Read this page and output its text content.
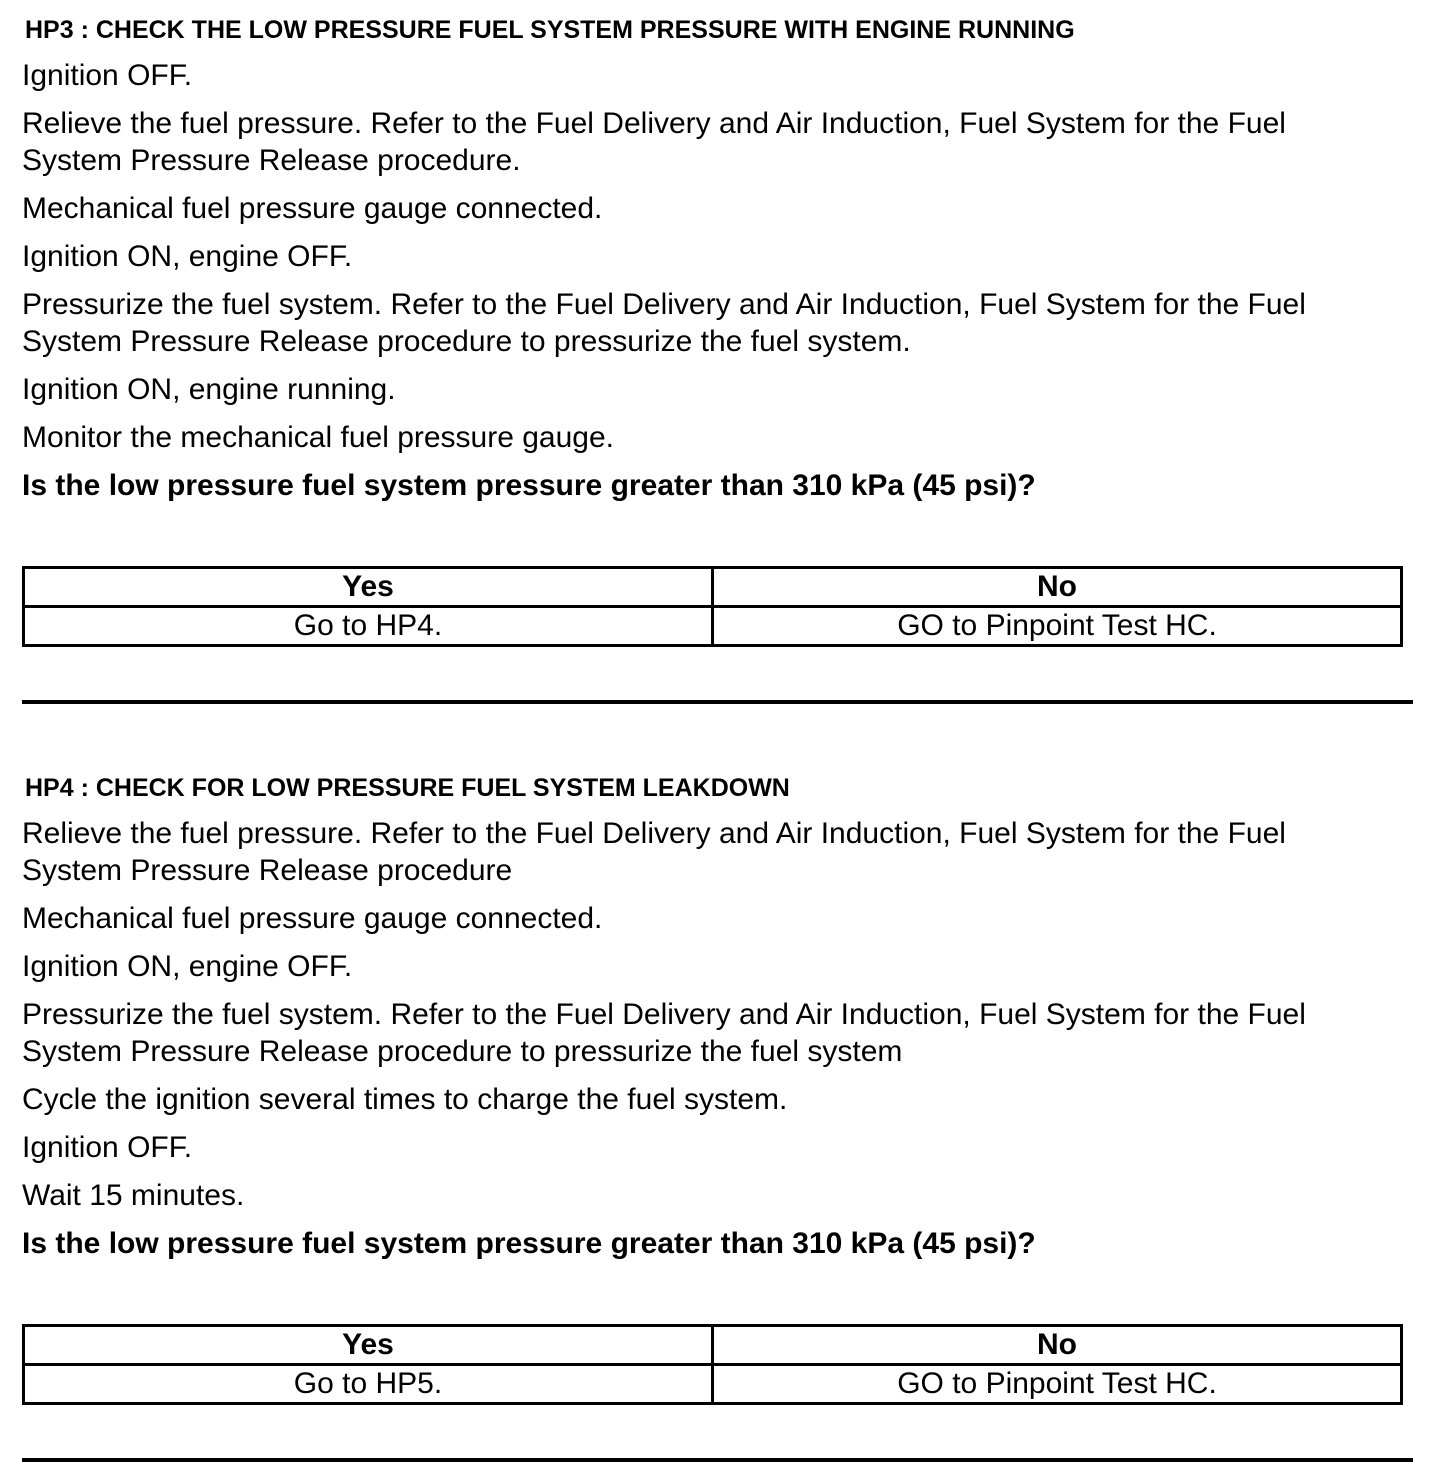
HP3 : CHECK THE LOW PRESSURE FUEL SYSTEM PRESSURE WITH ENGINE RUNNING
Ignition OFF.
Relieve the fuel pressure. Refer to the Fuel Delivery and Air Induction, Fuel System for the Fuel System Pressure Release procedure.
Mechanical fuel pressure gauge connected.
Ignition ON, engine OFF.
Pressurize the fuel system. Refer to the Fuel Delivery and Air Induction, Fuel System for the Fuel System Pressure Release procedure to pressurize the fuel system.
Ignition ON, engine running.
Monitor the mechanical fuel pressure gauge.
Is the low pressure fuel system pressure greater than 310 kPa (45 psi)?
Yes	No
Go to HP4.	GO to Pinpoint Test HC.
HP4 : CHECK FOR LOW PRESSURE FUEL SYSTEM LEAKDOWN
Relieve the fuel pressure. Refer to the Fuel Delivery and Air Induction, Fuel System for the Fuel System Pressure Release procedure
Mechanical fuel pressure gauge connected.
Ignition ON, engine OFF.
Pressurize the fuel system. Refer to the Fuel Delivery and Air Induction, Fuel System for the Fuel System Pressure Release procedure to pressurize the fuel system
Cycle the ignition several times to charge the fuel system.
Ignition OFF.
Wait 15 minutes.
Is the low pressure fuel system pressure greater than 310 kPa (45 psi)?
Yes	No
Go to HP5.	GO to Pinpoint Test HC.
